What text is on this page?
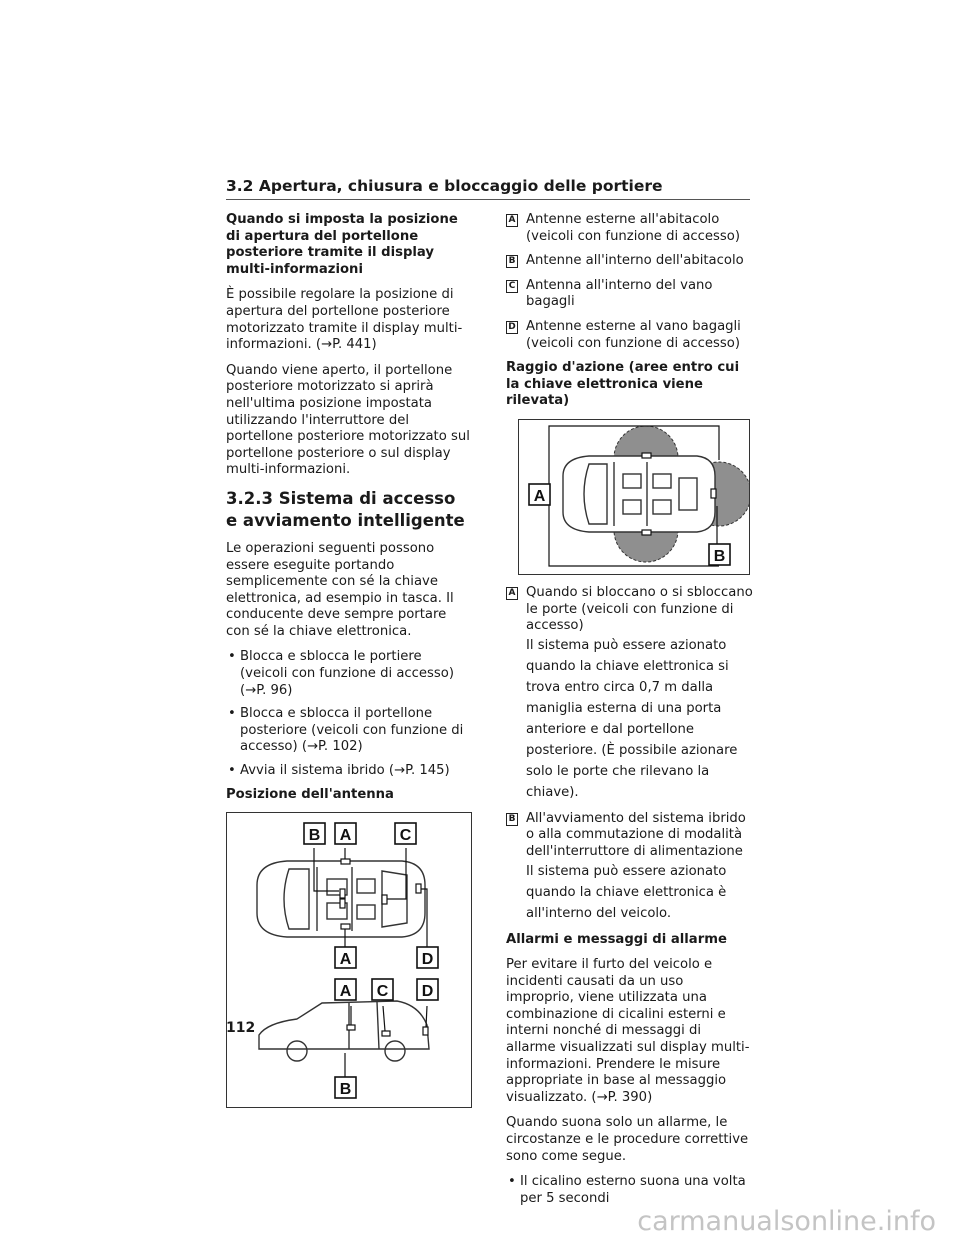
3.2 Apertura, chiusura e bloccaggio delle portiere

Quando si imposta la posizione di apertura del portellone posteriore tramite il display multi-informazioni

È possibile regolare la posizione di apertura del portellone posteriore motorizzato tramite il display multi-informazioni. (→P. 441)

Quando viene aperto, il portellone posteriore motorizzato si aprirà nell'ultima posizione impostata utilizzando l'interruttore del portellone posteriore motorizzato sul portellone posteriore o sul display multi-informazioni.

3.2.3 Sistema di accesso e avviamento intelligente

Le operazioni seguenti possono essere eseguite portando semplicemente con sé la chiave elettronica, ad esempio in tasca. Il conducente deve sempre portare con sé la chiave elettronica.

• Blocca e sblocca le portiere (veicoli con funzione di accesso) (→P. 96)
• Blocca e sblocca il portellone posteriore (veicoli con funzione di accesso) (→P. 102)
• Avvia il sistema ibrido (→P. 145)

Posizione dell'antenna

B A	C
A	D
A C D
B
A Antenne esterne all'abitacolo (veicoli con funzione di accesso)
B Antenne all'interno dell'abitacolo
C Antenna all'interno del vano bagagli
D Antenne esterne al vano bagagli (veicoli con funzione di accesso)

Raggio d'azione (aree entro cui la chiave elettronica viene rilevata)

A
B
A Quando si bloccano o si sbloccano le porte (veicoli con funzione di accesso)
Il sistema può essere azionato quando la chiave elettronica si trova entro circa 0,7 m dalla maniglia esterna di una porta anteriore e dal portellone posteriore. (È possibile azionare solo le porte che rilevano la chiave).
B All'avviamento del sistema ibrido o alla commutazione di modalità dell'interruttore di alimentazione
Il sistema può essere azionato quando la chiave elettronica è all'interno del veicolo.

Allarmi e messaggi di allarme

Per evitare il furto del veicolo e incidenti causati da un uso improprio, viene utilizzata una combinazione di cicalini esterni e interni nonché di messaggi di allarme visualizzati sul display multi-informazioni. Prendere le misure appropriate in base al messaggio visualizzato. (→P. 390)

Quando suona solo un allarme, le circostanze e le procedure correttive sono come segue.

• Il cicalino esterno suona una volta per 5 secondi
112
carmanualsonline.info
